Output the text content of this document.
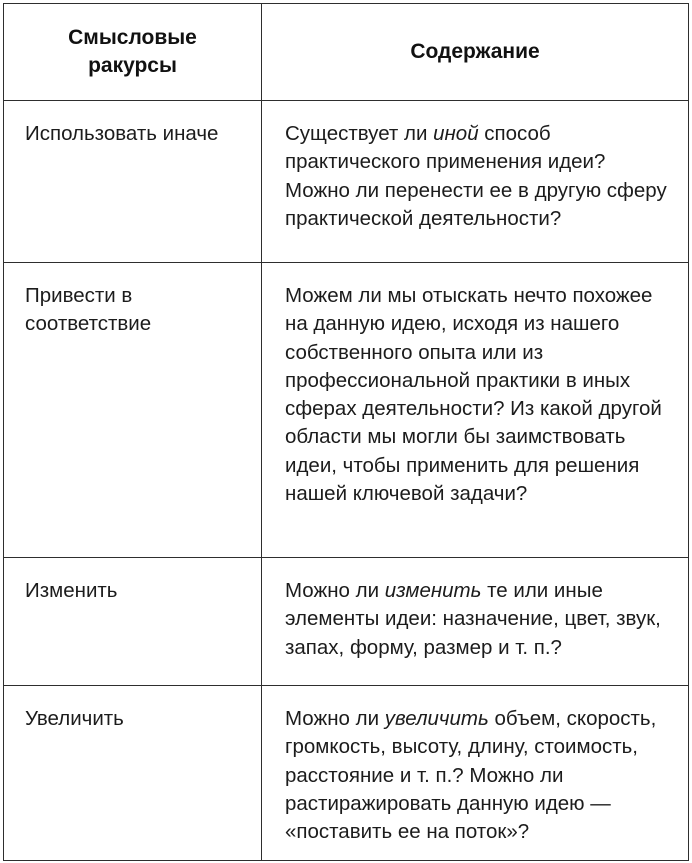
Смысловые ракурсы	Содержание
Использовать иначе	Существует ли иной способ практического применения идеи? Можно ли перенести ее в другую сферу практической деятельности?
Привести в соответствие	Можем ли мы отыскать нечто похожее на данную идею, исходя из нашего собственного опыта или из профессиональной практики в иных сферах деятельности? Из какой другой области мы могли бы заимствовать идеи, чтобы применить для решения нашей ключевой задачи?
Изменить	Можно ли изменить те или иные элементы идеи: назначение, цвет, звук, запах, форму, размер и т. п.?
Увеличить	Можно ли увеличить объем, скорость, громкость, высоту, длину, стоимость, расстояние и т. п.? Можно ли растиражировать данную идею — «поставить ее на поток»?
